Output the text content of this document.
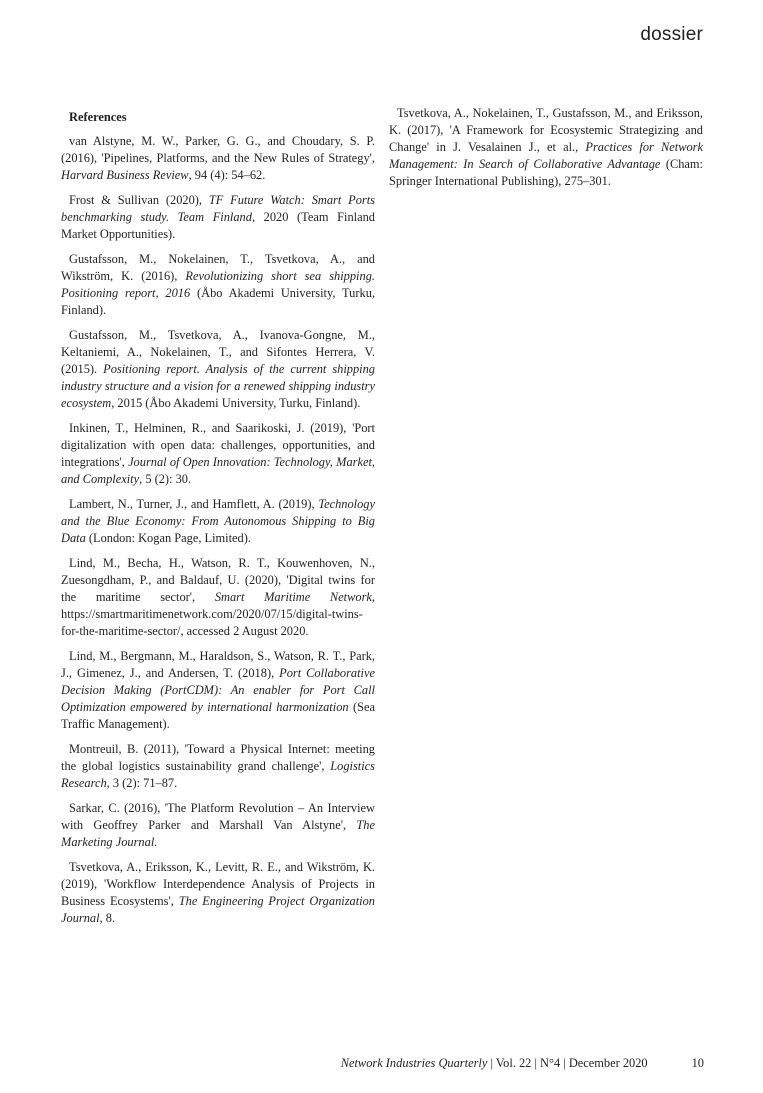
dossier
References

van Alstyne, M. W., Parker, G. G., and Choudary, S. P. (2016), 'Pipelines, Platforms, and the New Rules of Strategy', Harvard Business Review, 94 (4): 54–62.

Frost & Sullivan (2020), TF Future Watch: Smart Ports benchmarking study. Team Finland, 2020 (Team Finland Market Opportunities).

Gustafsson, M., Nokelainen, T., Tsvetkova, A., and Wikström, K. (2016), Revolutionizing short sea shipping. Positioning report, 2016 (Åbo Akademi University, Turku, Finland).

Gustafsson, M., Tsvetkova, A., Ivanova-Gongne, M., Keltaniemi, A., Nokelainen, T., and Sifontes Herrera, V. (2015). Positioning report. Analysis of the current shipping industry structure and a vision for a renewed shipping industry ecosystem, 2015 (Åbo Akademi University, Turku, Finland).

Inkinen, T., Helminen, R., and Saarikoski, J. (2019), 'Port digitalization with open data: challenges, opportunities, and integrations', Journal of Open Innovation: Technology, Market, and Complexity, 5 (2): 30.

Lambert, N., Turner, J., and Hamflett, A. (2019), Technology and the Blue Economy: From Autonomous Shipping to Big Data (London: Kogan Page, Limited).

Lind, M., Becha, H., Watson, R. T., Kouwenhoven, N., Zuesongdham, P., and Baldauf, U. (2020), 'Digital twins for the maritime sector', Smart Maritime Network, https://smartmaritimenetwork.com/2020/07/15/digital-twins-for-the-maritime-sector/, accessed 2 August 2020.

Lind, M., Bergmann, M., Haraldson, S., Watson, R. T., Park, J., Gimenez, J., and Andersen, T. (2018), Port Collaborative Decision Making (PortCDM): An enabler for Port Call Optimization empowered by international harmonization (Sea Traffic Management).

Montreuil, B. (2011), 'Toward a Physical Internet: meeting the global logistics sustainability grand challenge', Logistics Research, 3 (2): 71–87.

Sarkar, C. (2016), 'The Platform Revolution – An Interview with Geoffrey Parker and Marshall Van Alstyne', The Marketing Journal.

Tsvetkova, A., Eriksson, K., Levitt, R. E., and Wikström, K. (2019), 'Workflow Interdependence Analysis of Projects in Business Ecosystems', The Engineering Project Organization Journal, 8.

Tsvetkova, A., Nokelainen, T., Gustafsson, M., and Eriksson, K. (2017), 'A Framework for Ecosystemic Strategizing and Change' in J. Vesalainen J., et al., Practices for Network Management: In Search of Collaborative Advantage (Cham: Springer International Publishing), 275–301.

Network Industries Quarterly | Vol. 22 | N°4 | December 2020	10
